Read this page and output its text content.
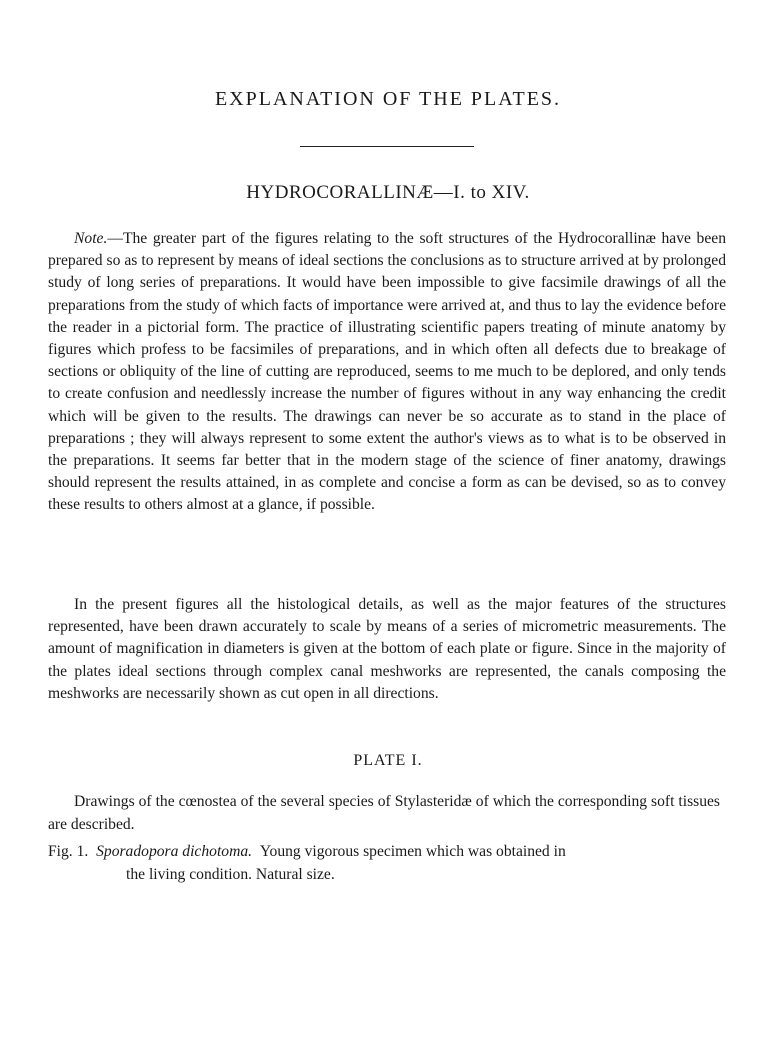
EXPLANATION OF THE PLATES.
HYDROCORALLINÆ—I. to XIV.

Note.—The greater part of the figures relating to the soft structures of the Hydrocorallinæ have been prepared so as to represent by means of ideal sections the conclusions as to structure arrived at by prolonged study of long series of preparations. It would have been impossible to give facsimile drawings of all the preparations from the study of which facts of importance were arrived at, and thus to lay the evidence before the reader in a pictorial form. The practice of illustrating scientific papers treating of minute anatomy by figures which profess to be facsimiles of preparations, and in which often all defects due to breakage of sections or obliquity of the line of cutting are reproduced, seems to me much to be deplored, and only tends to create confusion and needlessly increase the number of figures without in any way enhancing the credit which will be given to the results. The drawings can never be so accurate as to stand in the place of preparations ; they will always represent to some extent the author's views as to what is to be observed in the preparations. It seems far better that in the modern stage of the science of finer anatomy, drawings should represent the results attained, in as complete and concise a form as can be devised, so as to convey these results to others almost at a glance, if possible.

In the present figures all the histological details, as well as the major features of the structures represented, have been drawn accurately to scale by means of a series of micrometric measurements. The amount of magnification in diameters is given at the bottom of each plate or figure. Since in the majority of the plates ideal sections through complex canal meshworks are represented, the canals composing the meshworks are necessarily shown as cut open in all directions.

PLATE I.

Drawings of the cœnostea of the several species of Stylasteridæ of which the corresponding soft tissues are described.

Fig. 1. Sporadopora dichotoma. Young vigorous specimen which was obtained in
the living condition. Natural size.
